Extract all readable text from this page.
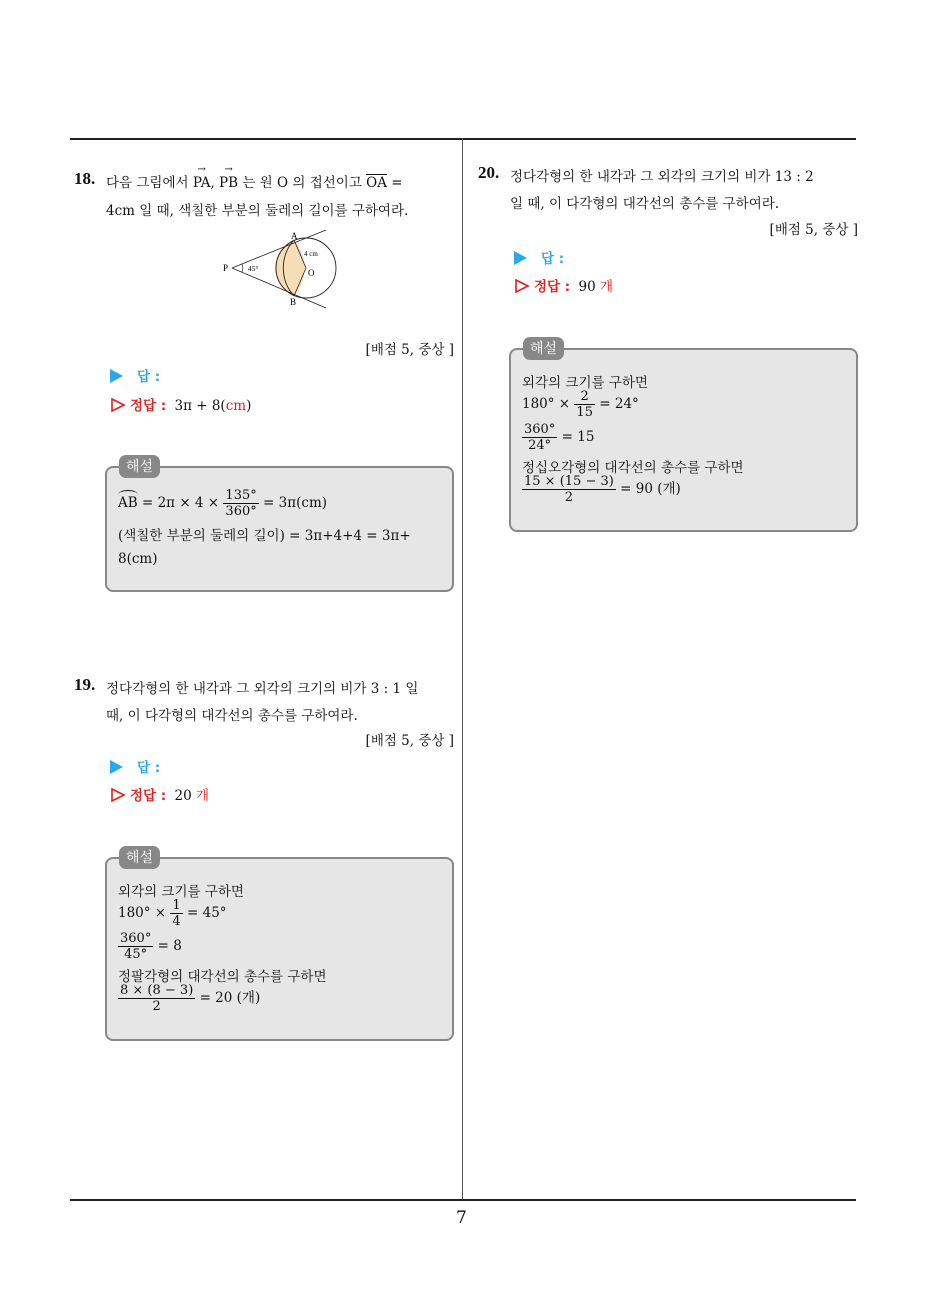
18. 다음 그림에서 → PA, → PB 는 원 O 의 접선이고 OA =
4cm 일 때, 색칠한 부분의 둘레의 길이를 구하여라.
A
B
P	O
45°
4 cm
[배점 5, 중상 ]
답 :
정답 : 3π + 8(cm)
해설
AB = $2\pi \times 4 \times \frac{135^\circ}{360^\circ} = 3\pi(cm)$
(색칠한 부분의 둘레의 길이) = 3π+4+4 = 3π+
8(cm)
19. 정다각형의 한 내각과 그 외각의 크기의 비가 3 : 1 일
때, 이 다각형의 대각선의 총수를 구하여라.
[배점 5, 중상 ]
답 :
정답 : 20 개
해설
외각의 크기를 구하면
$180^\circ \times \frac{1}{4} = 45^\circ$
$\frac{360^\circ}{45^\circ} = 8$
정팔각형의 대각선의 총수를 구하면
$\frac{8 \times (8 - 3)}{2} = 20$ (개)
20. 정다각형의 한 내각과 그 외각의 크기의 비가 13 : 2
일 때, 이 다각형의 대각선의 총수를 구하여라.
[배점 5, 중상 ]
답 :
정답 : 90 개
해설
외각의 크기를 구하면
$180^\circ \times \frac{2}{15} = 24^\circ$
$\frac{360^\circ}{24^\circ} = 15$
정십오각형의 대각선의 총수를 구하면
$\frac{15 \times (15 - 3)}{2} = 90$ (개)
7
